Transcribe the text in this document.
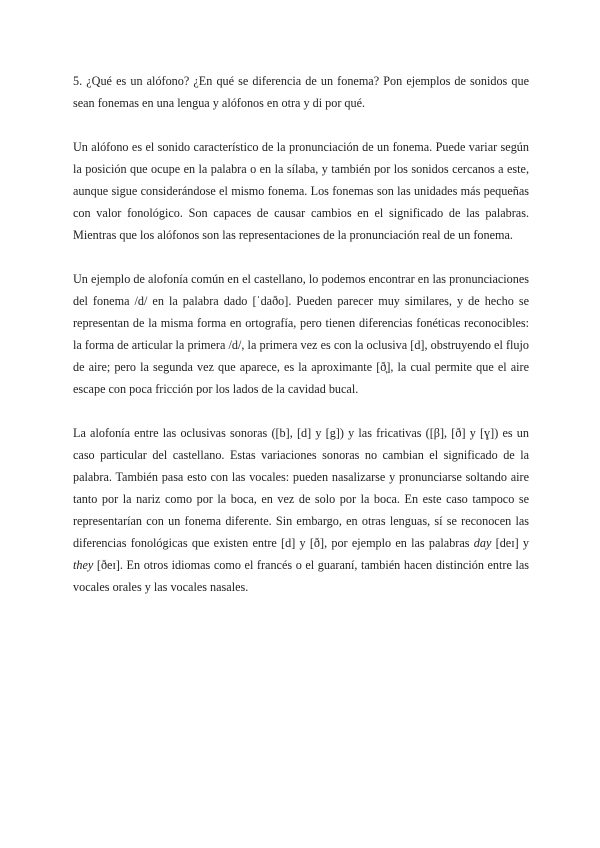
5. ¿Qué es un alófono? ¿En qué se diferencia de un fonema? Pon ejemplos de sonidos que sean fonemas en una lengua y alófonos en otra y di por qué.

Un alófono es el sonido característico de la pronunciación de un fonema. Puede variar según la posición que ocupe en la palabra o en la sílaba, y también por los sonidos cercanos a este, aunque sigue considerándose el mismo fonema. Los fonemas son las unidades más pequeñas con valor fonológico. Son capaces de causar cambios en el significado de las palabras. Mientras que los alófonos son las representaciones de la pronunciación real de un fonema.

Un ejemplo de alofonía común en el castellano, lo podemos encontrar en las pronunciaciones del fonema /d/ en la palabra dado [ˈdaðo]. Pueden parecer muy similares, y de hecho se representan de la misma forma en ortografía, pero tienen diferencias fonéticas reconocibles: la forma de articular la primera /d/, la primera vez es con la oclusiva [d], obstruyendo el flujo de aire; pero la segunda vez que aparece, es la aproximante [ð̞], la cual permite que el aire escape con poca fricción por los lados de la cavidad bucal.

La alofonía entre las oclusivas sonoras ([b], [d] y [g]) y las fricativas ([β], [ð] y [ɣ]) es un caso particular del castellano. Estas variaciones sonoras no cambian el significado de la palabra. También pasa esto con las vocales: pueden nasalizarse y pronunciarse soltando aire tanto por la nariz como por la boca, en vez de solo por la boca. En este caso tampoco se representarían con un fonema diferente. Sin embargo, en otras lenguas, sí se reconocen las diferencias fonológicas que existen entre [d] y [ð], por ejemplo en las palabras day [deɪ] y they [ðeɪ]. En otros idiomas como el francés o el guaraní, también hacen distinción entre las vocales orales y las vocales nasales.
